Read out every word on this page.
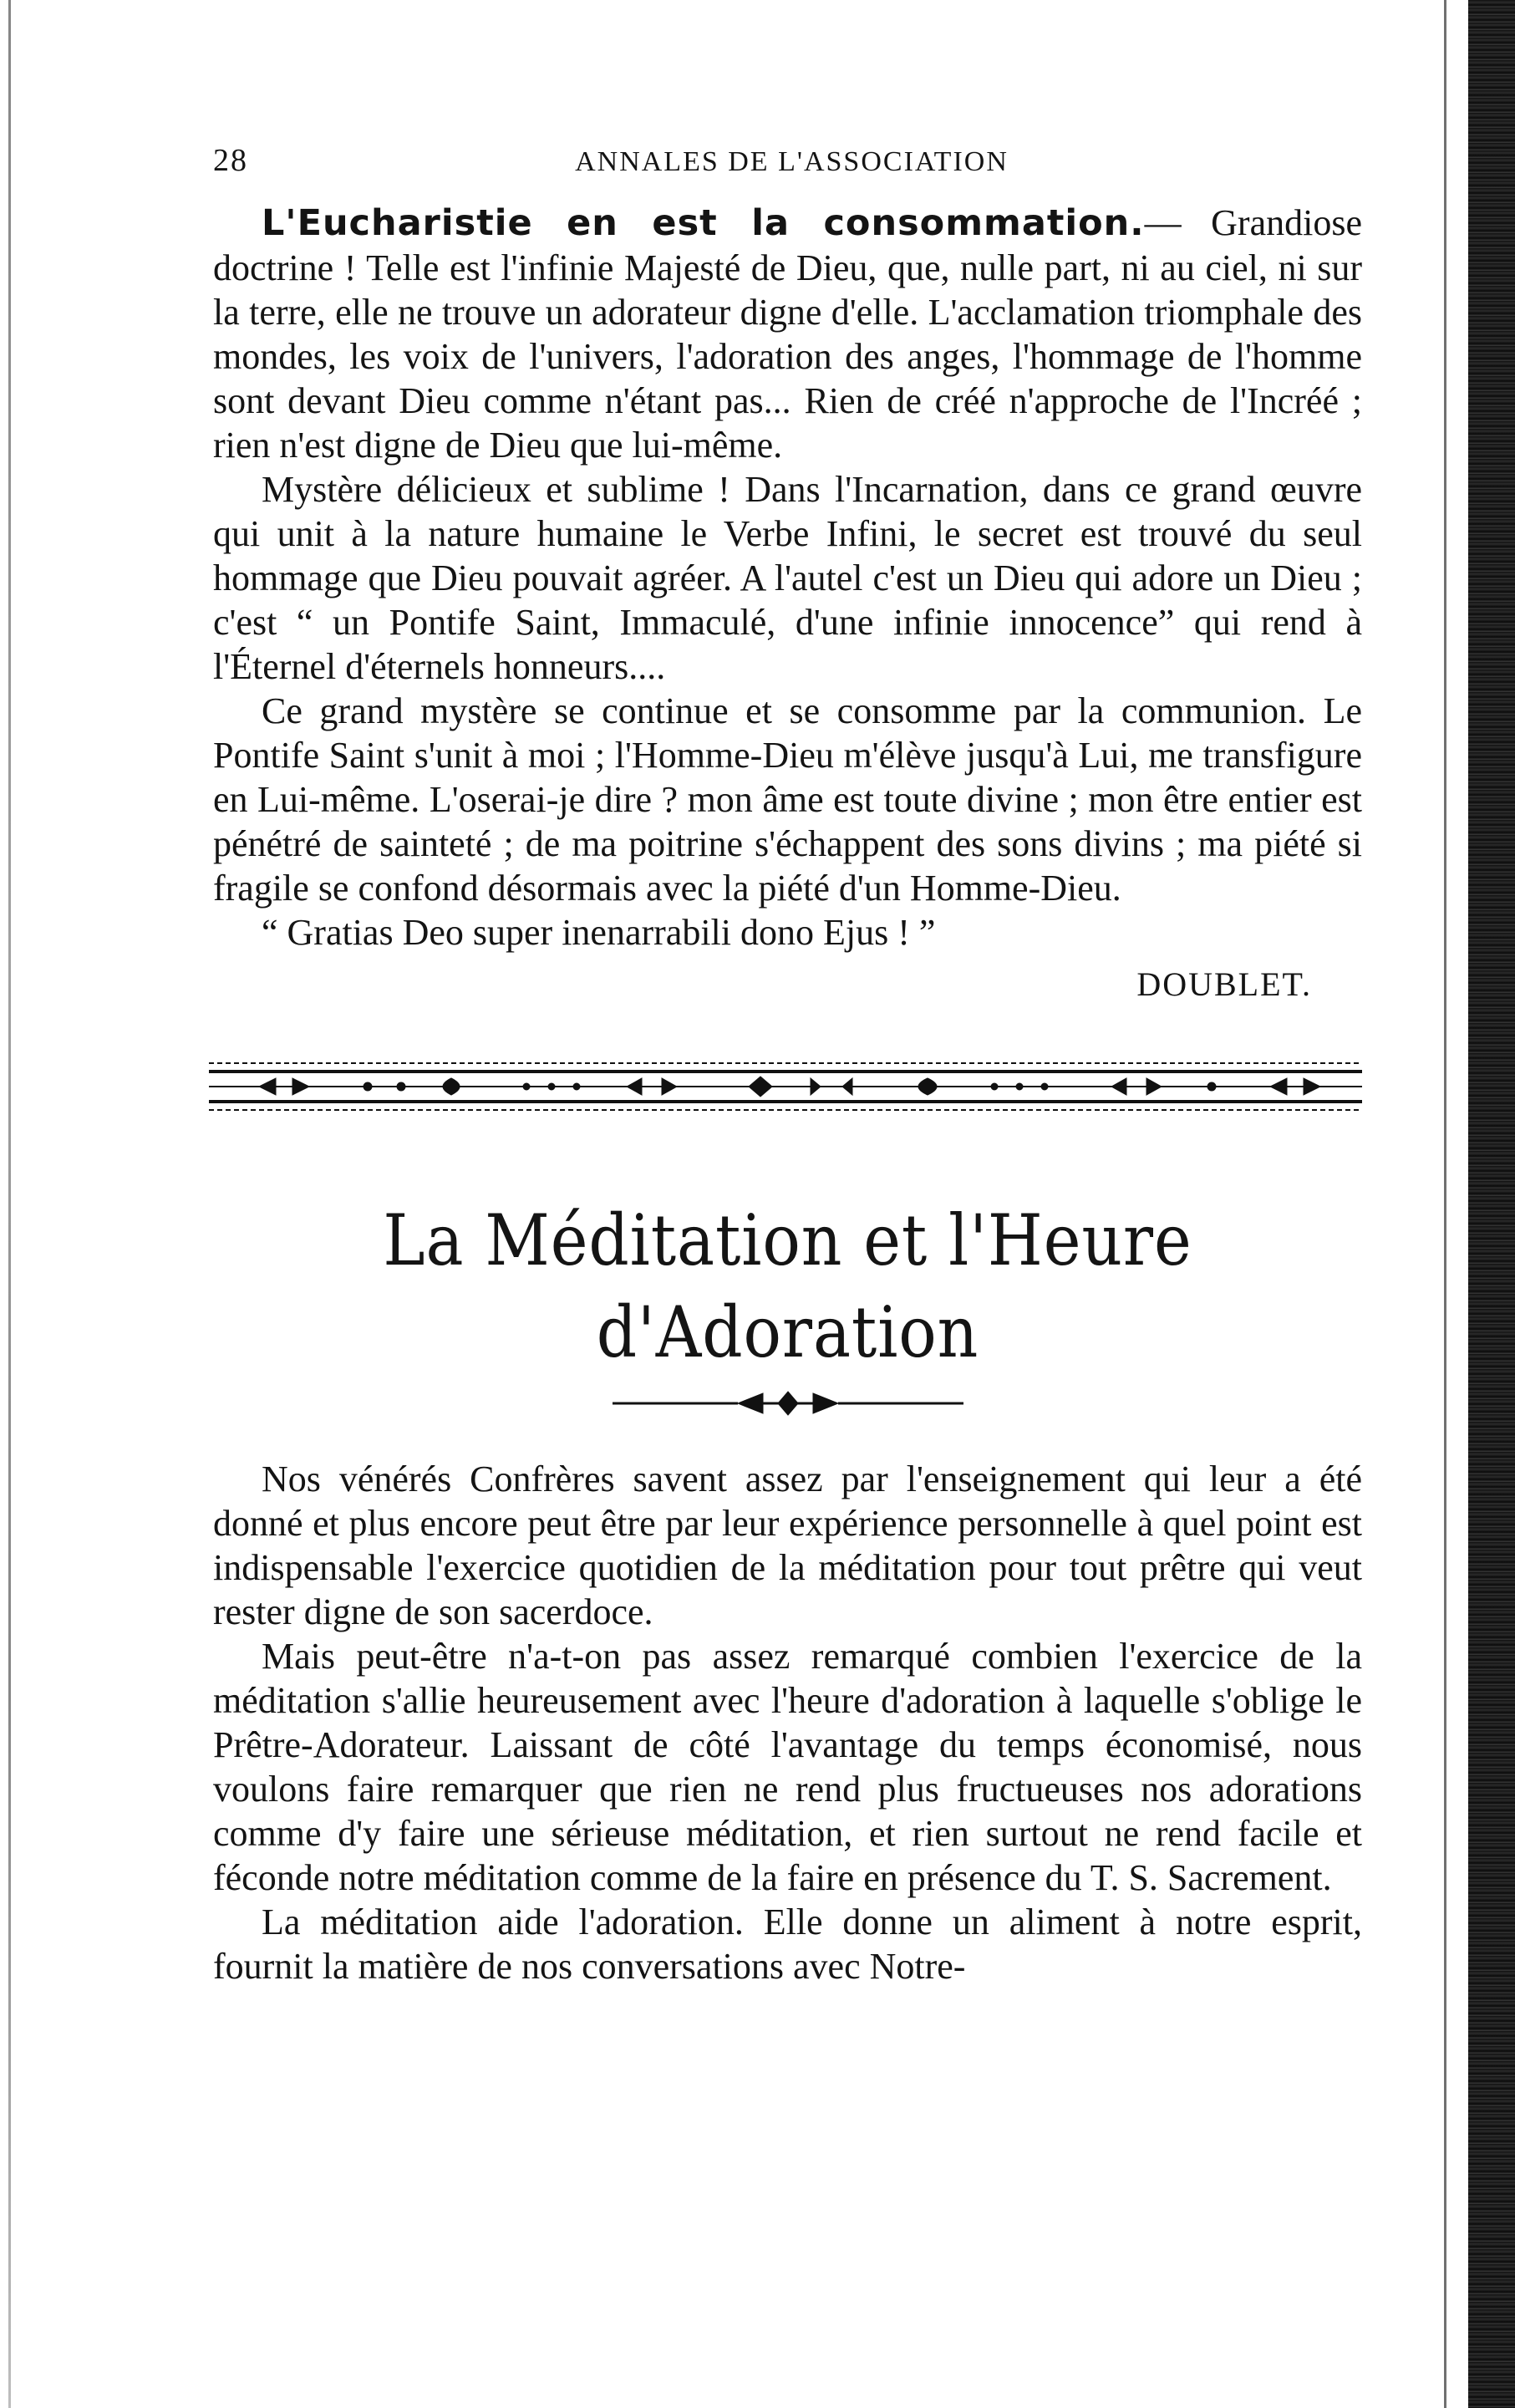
28	ANNALES DE L'ASSOCIATION

L'Eucharistie en est la consommation.— Grandiose doctrine ! Telle est l'infinie Majesté de Dieu, que, nulle part, ni au ciel, ni sur la terre, elle ne trouve un adorateur digne d'elle. L'acclamation triomphale des mondes, les voix de l'univers, l'adoration des anges, l'hommage de l'homme sont devant Dieu comme n'étant pas... Rien de créé n'approche de l'Incréé ; rien n'est digne de Dieu que lui-même.

Mystère délicieux et sublime ! Dans l'Incarnation, dans ce grand œuvre qui unit à la nature humaine le Verbe Infini, le secret est trouvé du seul hommage que Dieu pouvait agréer. A l'autel c'est un Dieu qui adore un Dieu ; c'est “ un Pontife Saint, Immaculé, d'une infinie innocence” qui rend à l'Éternel d'éternels honneurs....

Ce grand mystère se continue et se consomme par la communion. Le Pontife Saint s'unit à moi ; l'Homme-Dieu m'élève jusqu'à Lui, me transfigure en Lui-même. L'oserai-je dire ? mon âme est toute divine ; mon être entier est pénétré de sainteté ; de ma poitrine s'échappent des sons divins ; ma piété si fragile se confond désormais avec la piété d'un Homme-Dieu.

“ Gratias Deo super inenarrabili dono Ejus ! ”

DOUBLET.
La Méditation et l'Heure d'Adoration

Nos vénérés Confrères savent assez par l'enseignement qui leur a été donné et plus encore peut être par leur expérience personnelle à quel point est indispensable l'exercice quotidien de la méditation pour tout prêtre qui veut rester digne de son sacerdoce.

Mais peut-être n'a-t-on pas assez remarqué combien l'exercice de la méditation s'allie heureusement avec l'heure d'adoration à laquelle s'oblige le Prêtre-Adorateur. Laissant de côté l'avantage du temps économisé, nous voulons faire remarquer que rien ne rend plus fructueuses nos adorations comme d'y faire une sérieuse méditation, et rien surtout ne rend facile et féconde notre méditation comme de la faire en présence du T. S. Sacrement.

La méditation aide l'adoration. Elle donne un aliment à notre esprit, fournit la matière de nos conversations avec Notre-
